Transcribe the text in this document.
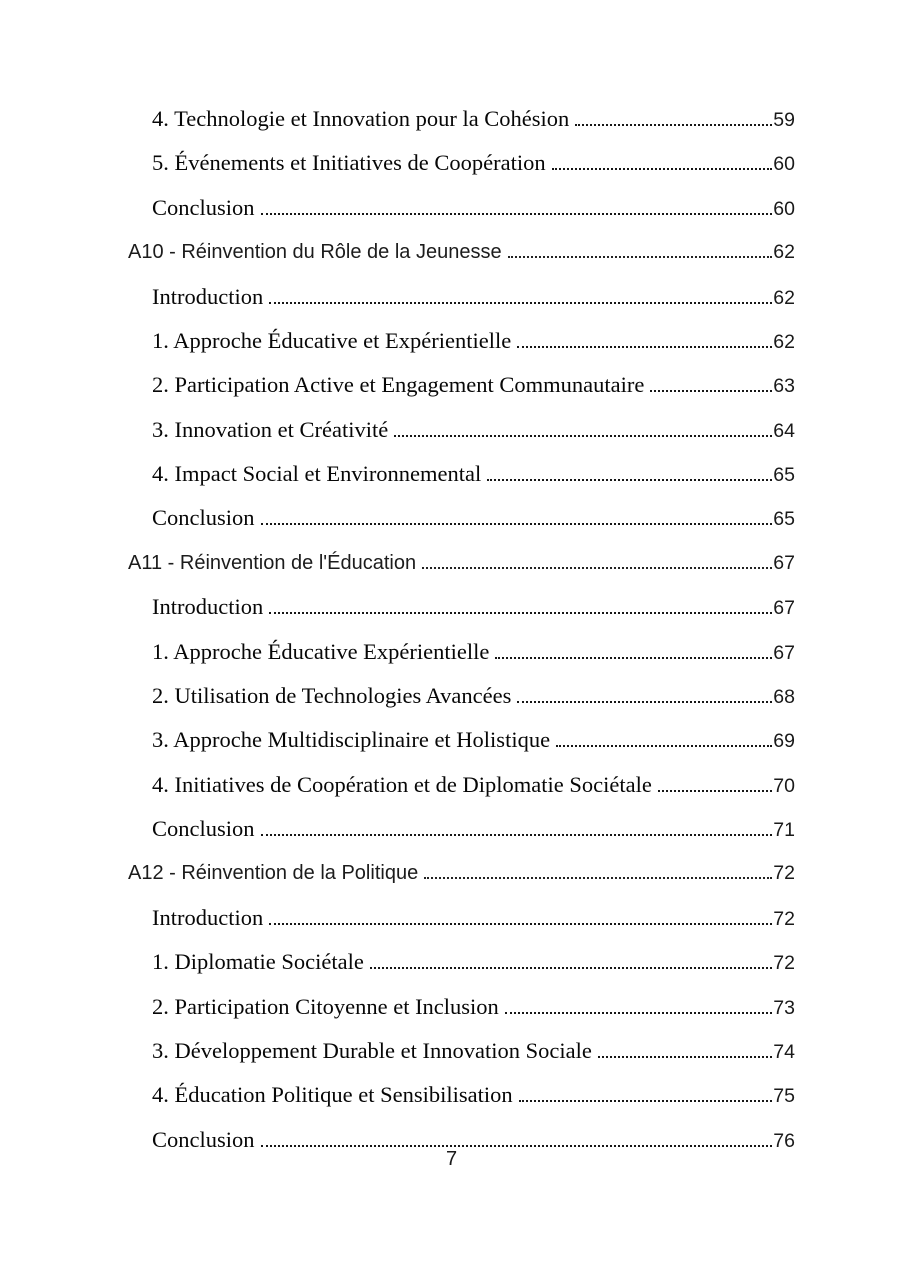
4. Technologie et Innovation pour la Cohésion	59
5. Événements et Initiatives de Coopération	60
Conclusion	60
A10 - Réinvention du Rôle de la Jeunesse	62
Introduction	62
1. Approche Éducative et Expérientielle	62
2. Participation Active et Engagement Communautaire	63
3. Innovation et Créativité	64
4. Impact Social et Environnemental	65
Conclusion	65
A11 - Réinvention de l'Éducation	67
Introduction	67
1. Approche Éducative Expérientielle	67
2. Utilisation de Technologies Avancées	68
3. Approche Multidisciplinaire et Holistique	69
4. Initiatives de Coopération et de Diplomatie Sociétale	70
Conclusion	71
A12 - Réinvention de la Politique	72
Introduction	72
1. Diplomatie Sociétale	72
2. Participation Citoyenne et Inclusion	73
3. Développement Durable et Innovation Sociale	74
4. Éducation Politique et Sensibilisation	75
Conclusion	76
7
